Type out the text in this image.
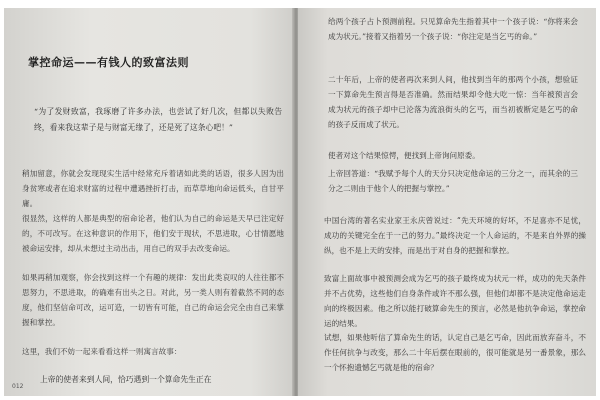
掌控命运——有钱人的致富法则

“为了发财致富，我琢磨了许多办法，也尝试了好几次，但都以失败告终，看来我这辈子是与财富无缘了，还是死了这条心吧！”

稍加留意，你就会发现现实生活中经常充斥着诸如此类的话语，很多人因为出身贫寒或者在追求财富的过程中遭遇挫折打击，而草草地向命运低头，自甘平庸。

很显然，这样的人都是典型的宿命论者，他们认为自己的命运是天早已注定好的，不可改写。在这种意识的作用下，他们安于现状，不思进取，心甘情愿地被命运安排，却从未想过主动出击，用自己的双手去改变命运。

如果再稍加观察，你会找到这样一个有趣的规律：发出此类哀叹的人往往都不思努力，不思进取，的确难有出头之日。对此，另一类人则有着截然不同的态度，他们坚信命可改，运可造，一切皆有可能，自己的命运会完全由自己来掌握和掌控。

这里，我们不妨一起来看看这样一则寓言故事：

上帝的使者来到人间，恰巧遇到一个算命先生正在

012

给两个孩子占卜预测前程。只见算命先生指着其中一个孩子说：“你将来会成为状元。”接着又指着另一个孩子说：“你注定是当乞丐的命。”

二十年后，上帝的使者再次来到人间，他找到当年的那两个小孩，想验证一下算命先生预言得是否准确。然而结果却令他大吃一惊：当年被预言会成为状元的孩子却中已沦落为流浪街头的乞丐，而当初被断定是乞丐的命的孩子反而成了状元。

使者对这个结果惊愕，便找到上帝询问原委。

上帝回答道：“我赋予每个人的天分只决定他命运的三分之一，而其余的三分之二则由于他个人的把握与掌控。”

中国台湾的著名实业家王永庆曾说过：“先天环境的好坏，不足喜亦不足忧，成功的关键完全在于一己的努力。”最终决定一个人命运的，不是来自外界的操纵，也不是上天的安排，而是出于对自身的把握和掌控。

致富上面故事中被预测会成为乞丐的孩子最终成为状元一样，成功的先天条件并不占优势，这些他们自身条件或许不那么强，但他们却都不是决定他命运走向的终极因素。他之所以能打破算命先生的预言，必然是他抗争命运，掌控命运的结果。

试想，如果他听信了算命先生的话，认定自己是乞丐命，因此而放弃奋斗，不作任何抗争与改变，那么二十年后摆在眼前的，很可能就是另一番景象，那么一个怀抱遗憾乞丐就是他的宿命？
